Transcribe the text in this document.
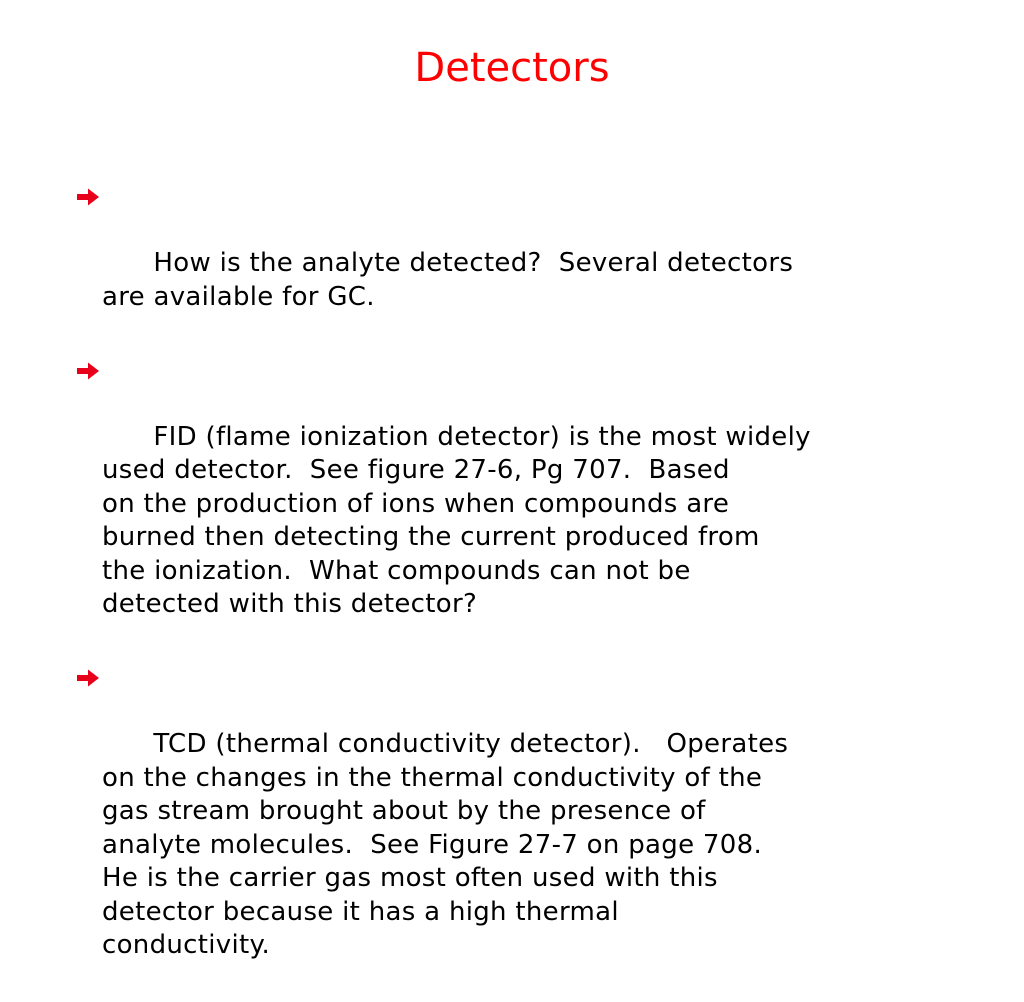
Detectors

How is the analyte detected?  Several detectors
are available for GC.

FID (flame ionization detector) is the most widely
used detector.  See figure 27-6, Pg 707.  Based
on the production of ions when compounds are
burned then detecting the current produced from
the ionization.  What compounds can not be
detected with this detector?

TCD (thermal conductivity detector).   Operates
on the changes in the thermal conductivity of the
gas stream brought about by the presence of
analyte molecules.  See Figure 27-7 on page 708.
He is the carrier gas most often used with this
detector because it has a high thermal
conductivity.
